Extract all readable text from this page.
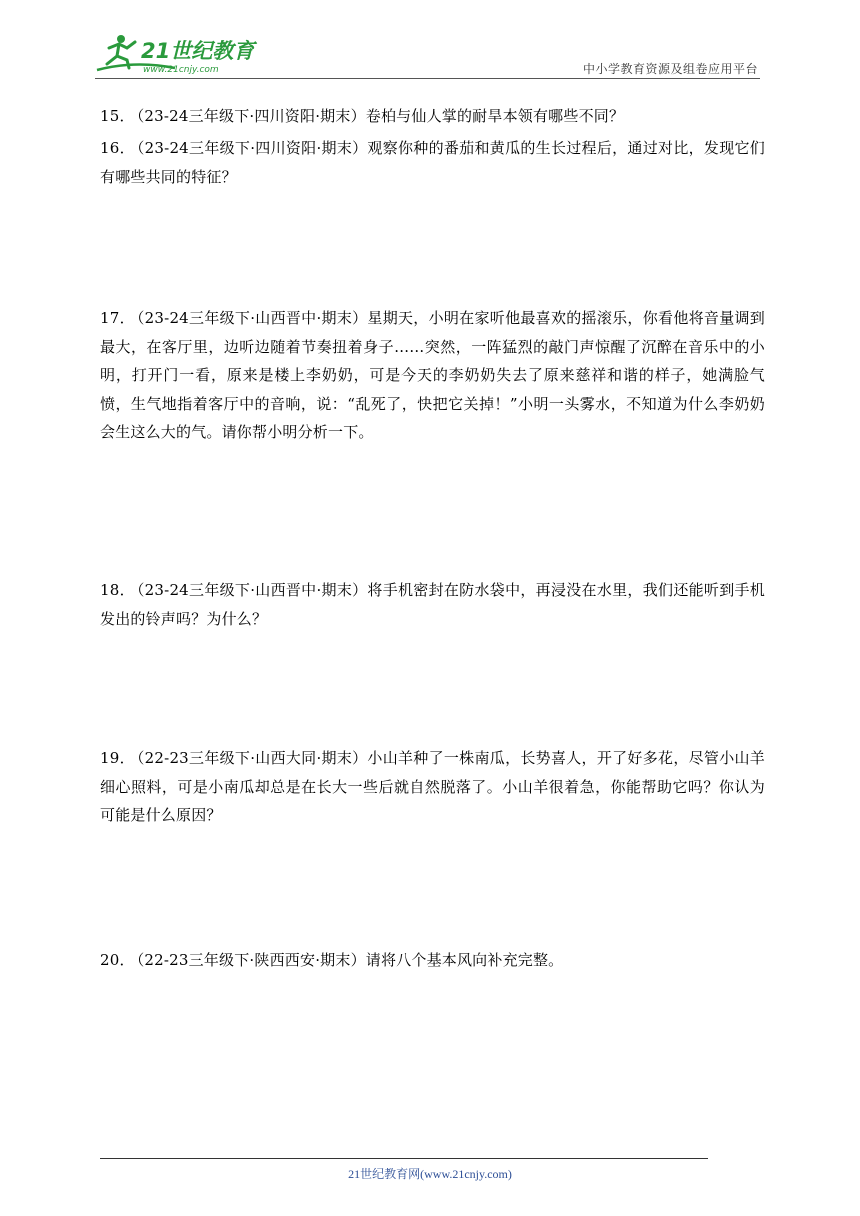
21世纪教育
www.21cnjy.com	中小学教育资源及组卷应用平台

15． （23-24三年级下·四川资阳·期末）卷柏与仙人掌的耐旱本领有哪些不同？

16． （23-24三年级下·四川资阳·期末）观察你种的番茄和黄瓜的生长过程后，通过对比，发现它们有哪些共同的特征？

17． （23-24三年级下·山西晋中·期末）星期天，小明在家听他最喜欢的摇滚乐，你看他将音量调到最大，在客厅里，边听边随着节奏扭着身子……突然，一阵猛烈的敲门声惊醒了沉醉在音乐中的小明，打开门一看，原来是楼上李奶奶，可是今天的李奶奶失去了原来慈祥和谐的样子，她满脸气愤，生气地指着客厅中的音响，说：“乱死了，快把它关掉！”小明一头雾水，不知道为什么李奶奶会生这么大的气。请你帮小明分析一下。

18． （23-24三年级下·山西晋中·期末）将手机密封在防水袋中，再浸没在水里，我们还能听到手机发出的铃声吗？为什么？

19． （22-23三年级下·山西大同·期末）小山羊种了一株南瓜，长势喜人，开了好多花，尽管小山羊细心照料，可是小南瓜却总是在长大一些后就自然脱落了。小山羊很着急，你能帮助它吗？你认为可能是什么原因？

20． （22-23三年级下·陕西西安·期末）请将八个基本风向补充完整。

21世纪教育网(www.21cnjy.com)
